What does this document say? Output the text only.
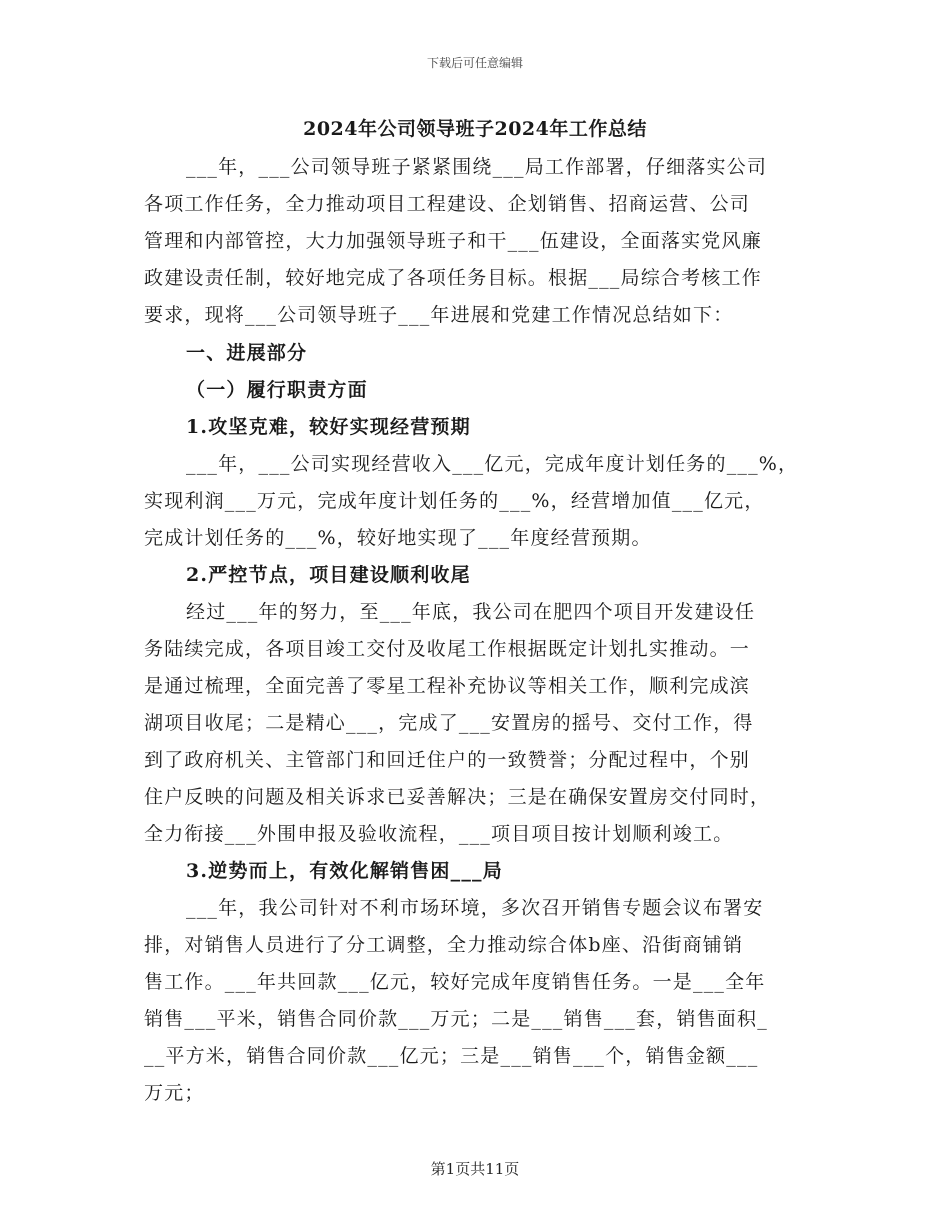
下载后可任意编辑
2024年公司领导班子2024年工作总结
___年，___公司领导班子紧紧围绕___局工作部署，仔细落实公司
各项工作任务，全力推动项目工程建设、企划销售、招商运营、公司
管理和内部管控，大力加强领导班子和干___伍建设，全面落实党风廉
政建设责任制，较好地完成了各项任务目标。根据___局综合考核工作
要求，现将___公司领导班子___年进展和党建工作情况总结如下：
一、进展部分
（一）履行职责方面
1.攻坚克难，较好实现经营预期
___年，___公司实现经营收入___亿元，完成年度计划任务的___%，
实现利润___万元，完成年度计划任务的___%，经营增加值___亿元，
完成计划任务的___%，较好地实现了___年度经营预期。
2.严控节点，项目建设顺利收尾
经过___年的努力，至___年底，我公司在肥四个项目开发建设任
务陆续完成，各项目竣工交付及收尾工作根据既定计划扎实推动。一
是通过梳理，全面完善了零星工程补充协议等相关工作，顺利完成滨
湖项目收尾；二是精心___，完成了___安置房的摇号、交付工作，得
到了政府机关、主管部门和回迁住户的一致赞誉；分配过程中，个别
住户反映的问题及相关诉求已妥善解决；三是在确保安置房交付同时，
全力衔接___外围申报及验收流程，___项目项目按计划顺利竣工。
3.逆势而上，有效化解销售困___局
___年，我公司针对不利市场环境，多次召开销售专题会议布署安
排，对销售人员进行了分工调整，全力推动综合体b座、沿街商铺销
售工作。___年共回款___亿元，较好完成年度销售任务。一是___全年
销售___平米，销售合同价款___万元；二是___销售___套，销售面积_
__平方米，销售合同价款___亿元；三是___销售___个，销售金额___
万元；
第1页共11页
